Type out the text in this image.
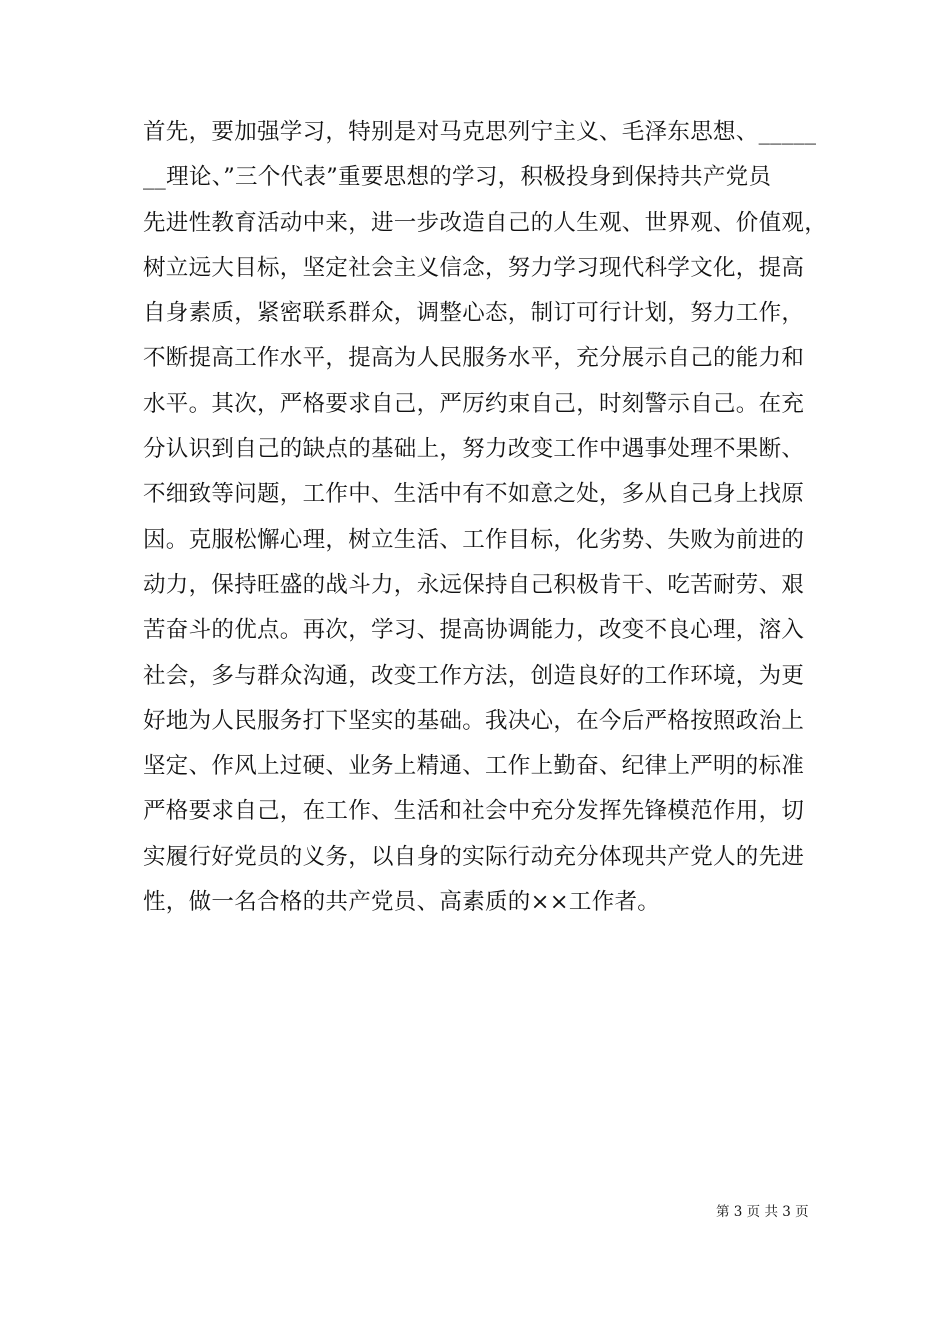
首先，要加强学习，特别是对马克思列宁主义、毛泽东思想、_____
__理论、”三个代表”重要思想的学习，积极投身到保持共产党员
先进性教育活动中来，进一步改造自己的人生观、世界观、价值观，
树立远大目标，坚定社会主义信念，努力学习现代科学文化，提高
自身素质，紧密联系群众，调整心态，制订可行计划，努力工作，
不断提高工作水平，提高为人民服务水平，充分展示自己的能力和
水平。其次，严格要求自己，严厉约束自己，时刻警示自己。在充
分认识到自己的缺点的基础上，努力改变工作中遇事处理不果断、
不细致等问题，工作中、生活中有不如意之处，多从自己身上找原
因。克服松懈心理，树立生活、工作目标，化劣势、失败为前进的
动力，保持旺盛的战斗力，永远保持自己积极肯干、吃苦耐劳、艰
苦奋斗的优点。再次，学习、提高协调能力，改变不良心理，溶入
社会，多与群众沟通，改变工作方法，创造良好的工作环境，为更
好地为人民服务打下坚实的基础。我决心，在今后严格按照政治上
坚定、作风上过硬、业务上精通、工作上勤奋、纪律上严明的标准
严格要求自己，在工作、生活和社会中充分发挥先锋模范作用，切
实履行好党员的义务，以自身的实际行动充分体现共产党人的先进
性，做一名合格的共产党员、高素质的××工作者。
第 3 页 共 3 页
